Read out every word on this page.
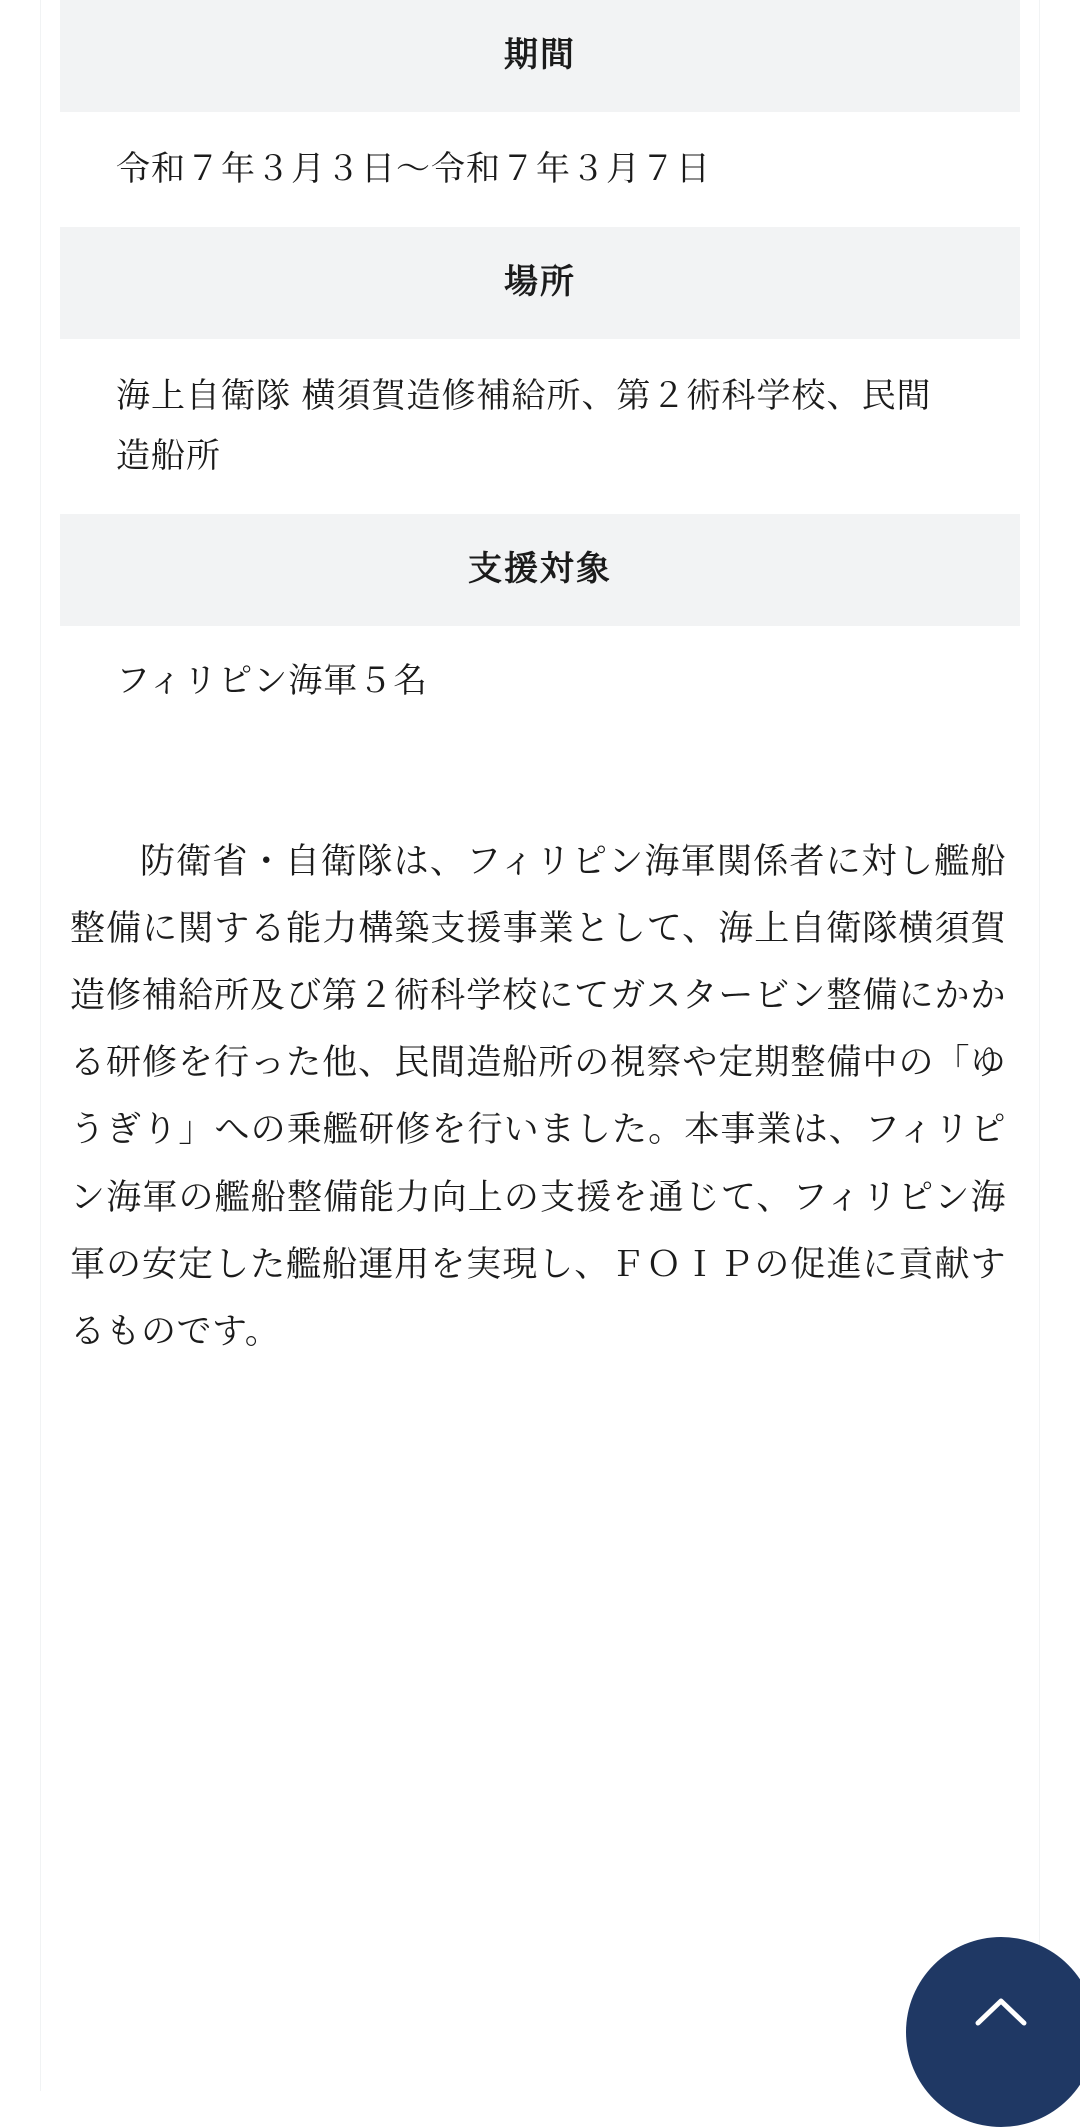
期間
令和７年３月３日〜令和７年３月７日
場所
海上自衛隊 横須賀造修補給所、第２術科学校、民間造船所
支援対象
フィリピン海軍５名

防衛省・自衛隊は、フィリピン海軍関係者に対し艦船整備に関する能力構築支援事業として、海上自衛隊横須賀造修補給所及び第２術科学校にてガスタービン整備にかかる研修を行った他、民間造船所の視察や定期整備中の「ゆうぎり」への乗艦研修を行いました。本事業は、フィリピン海軍の艦船整備能力向上の支援を通じて、フィリピン海軍の安定した艦船運用を実現し、ＦＯＩＰの促進に貢献するものです。
